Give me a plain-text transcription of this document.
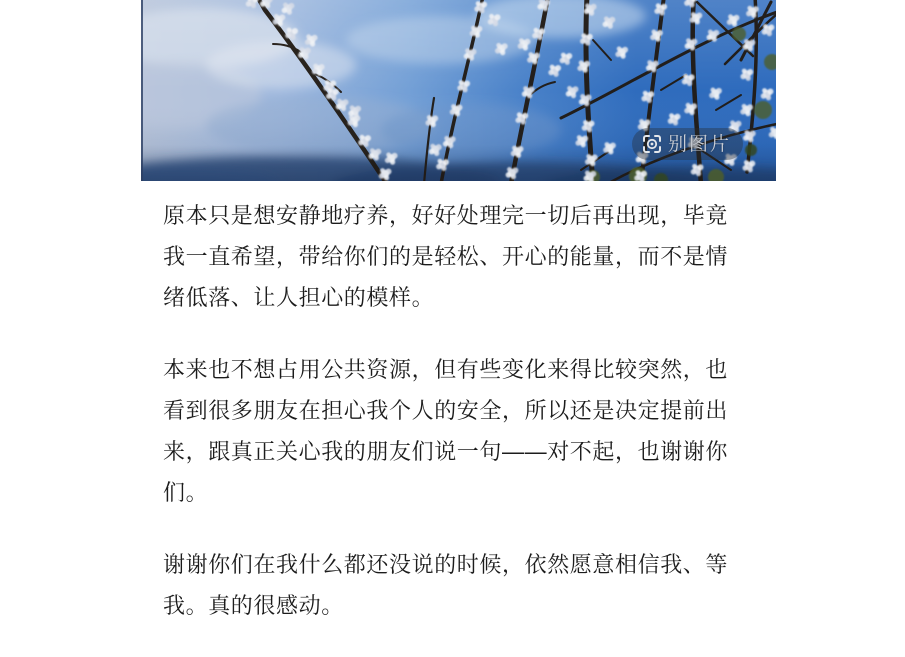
别图片

原本只是想安静地疗养，好好处理完一切后再出现，毕竟
我一直希望，带给你们的是轻松、开心的能量，而不是情
绪低落、让人担心的模样。

本来也不想占用公共资源，但有些变化来得比较突然，也
看到很多朋友在担心我个人的安全，所以还是决定提前出
来，跟真正关心我的朋友们说一句——对不起，也谢谢你
们。

谢谢你们在我什么都还没说的时候，依然愿意相信我、等
我。真的很感动。
